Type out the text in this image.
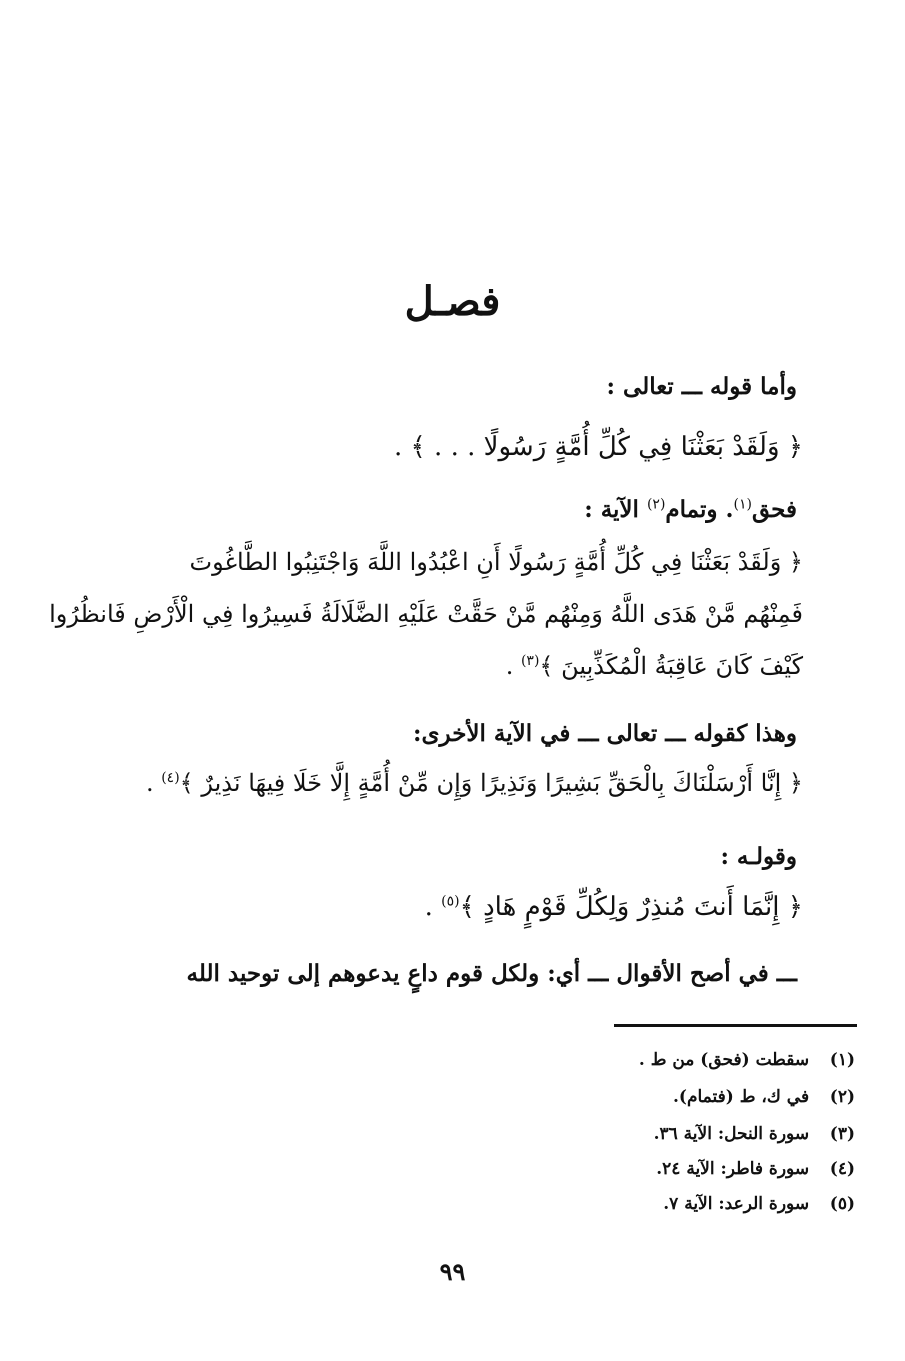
فصـل
وأما قوله ـــ تعالى :
﴿ وَلَقَدْ بَعَثْنَا فِي كُلِّ أُمَّةٍ رَسُولًا . . . ﴾ .
فحق$^{(١)}$. وتمام$^{(٢)}$ الآية :
﴿ وَلَقَدْ بَعَثْنَا فِي كُلِّ أُمَّةٍ رَسُولًا أَنِ اعْبُدُوا اللَّهَ وَاجْتَنِبُوا الطَّاغُوتَ
فَمِنْهُم مَّنْ هَدَى اللَّهُ وَمِنْهُم مَّنْ حَقَّتْ عَلَيْهِ الضَّلَالَةُ فَسِيرُوا فِي الْأَرْضِ فَانظُرُوا
كَيْفَ كَانَ عَاقِبَةُ الْمُكَذِّبِينَ ﴾$^{(٣)}$ .
وهذا كقوله ـــ تعالى ـــ في الآية الأخرى:
﴿ إِنَّا أَرْسَلْنَاكَ بِالْحَقِّ بَشِيرًا وَنَذِيرًا وَإِن مِّنْ أُمَّةٍ إِلَّا خَلَا فِيهَا نَذِيرٌ ﴾$^{(٤)}$ .
وقولـه :
﴿ إِنَّمَا أَنتَ مُنذِرٌ وَلِكُلِّ قَوْمٍ هَادٍ ﴾$^{(٥)}$ .
ـــ في أصح الأقوال ـــ أي: ولكل قوم داعٍ يدعوهم إلى توحيد الله
(١) سقطت (فحق) من ط .
(٢) في ك، ط (فتمام).
(٣) سورة النحل: الآية ٣٦.
(٤) سورة فاطر: الآية ٢٤.
(٥) سورة الرعد: الآية ٧.
٩٩
